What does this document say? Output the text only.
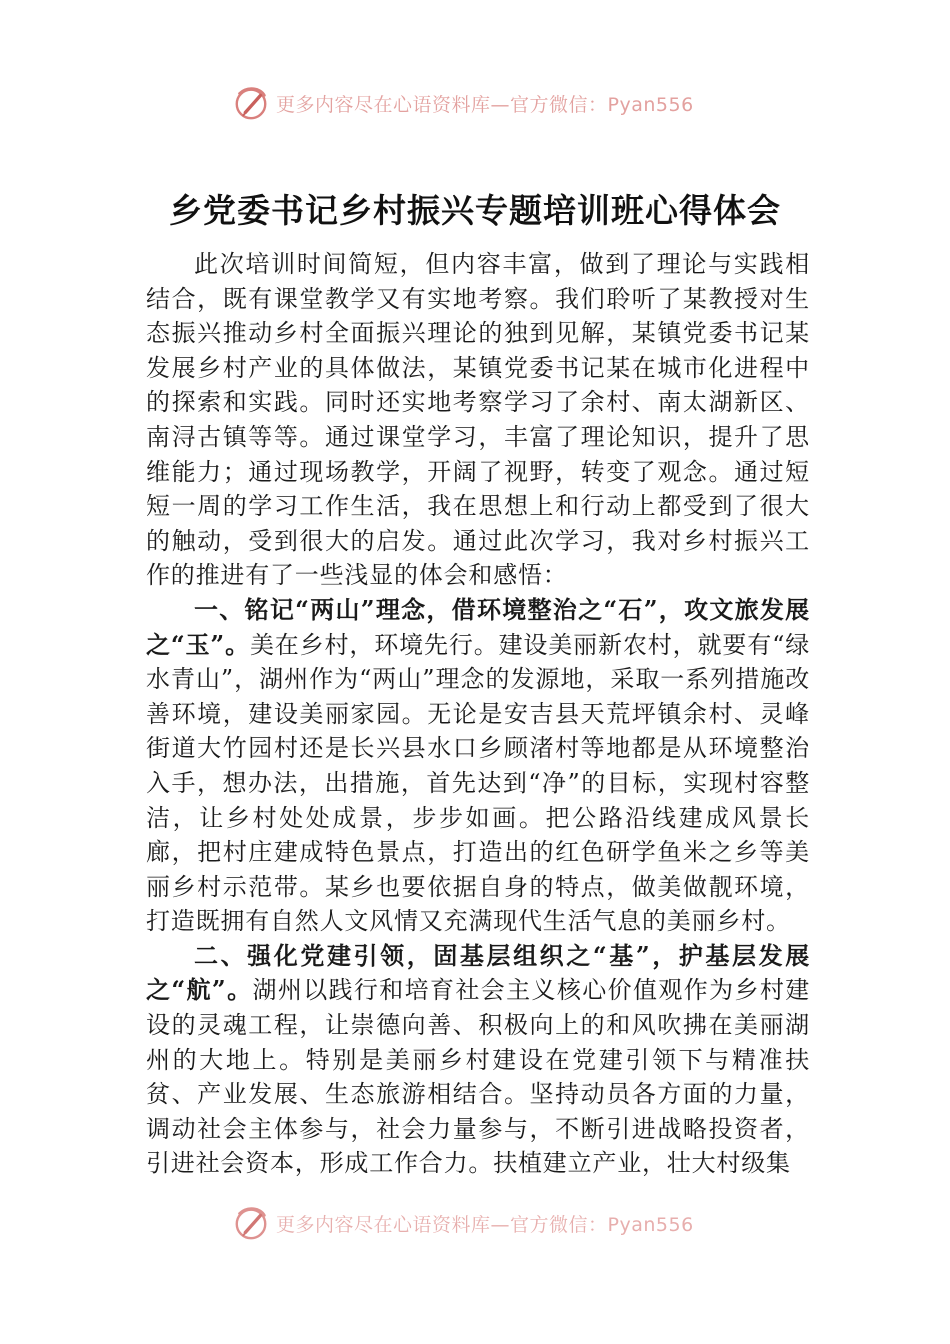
更多内容尽在心语资料库—官方微信：Pyan556
乡党委书记乡村振兴专题培训班心得体会

此次培训时间简短，但内容丰富，做到了理论与实践相结合，既有课堂教学又有实地考察。我们聆听了某教授对生态振兴推动乡村全面振兴理论的独到见解，某镇党委书记某发展乡村产业的具体做法，某镇党委书记某在城市化进程中的探索和实践。同时还实地考察学习了余村、南太湖新区、南浔古镇等等。通过课堂学习，丰富了理论知识，提升了思维能力；通过现场教学，开阔了视野，转变了观念。通过短短一周的学习工作生活，我在思想上和行动上都受到了很大的触动，受到很大的启发。通过此次学习，我对乡村振兴工作的推进有了一些浅显的体会和感悟：

一、铭记“两山”理念，借环境整治之“石”，攻文旅发展之“玉”。美在乡村，环境先行。建设美丽新农村，就要有“绿水青山”，湖州作为“两山”理念的发源地，采取一系列措施改善环境，建设美丽家园。无论是安吉县天荒坪镇余村、灵峰街道大竹园村还是长兴县水口乡顾渚村等地都是从环境整治入手，想办法，出措施，首先达到“净”的目标，实现村容整洁，让乡村处处成景，步步如画。把公路沿线建成风景长廊，把村庄建成特色景点，打造出的红色研学鱼米之乡等美丽乡村示范带。某乡也要依据自身的特点，做美做靓环境，打造既拥有自然人文风情又充满现代生活气息的美丽乡村。

二、强化党建引领，固基层组织之“基”，护基层发展之“航”。湖州以践行和培育社会主义核心价值观作为乡村建设的灵魂工程，让崇德向善、积极向上的和风吹拂在美丽湖州的大地上。特别是美丽乡村建设在党建引领下与精准扶贫、产业发展、生态旅游相结合。坚持动员各方面的力量，调动社会主体参与，社会力量参与，不断引进战略投资者，引进社会资本，形成工作合力。扶植建立产业，壮大村级集

更多内容尽在心语资料库—官方微信：Pyan556
